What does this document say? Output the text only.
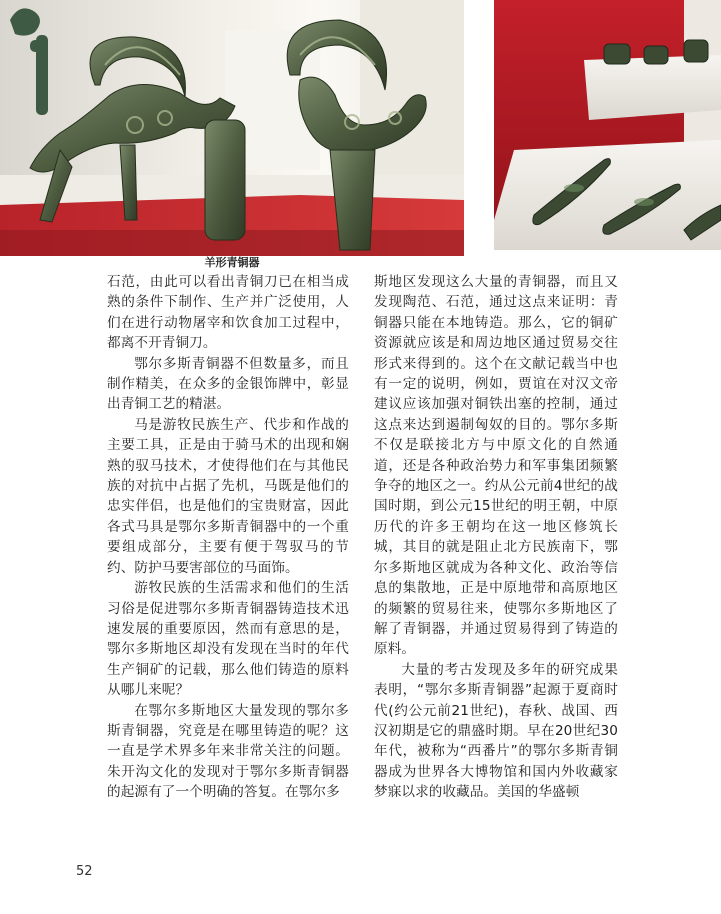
羊形青铜器

石范，由此可以看出青铜刀已在相当成熟的条件下制作、生产并广泛使用，人们在进行动物屠宰和饮食加工过程中，都离不开青铜刀。

鄂尔多斯青铜器不但数量多，而且制作精美，在众多的金银饰牌中，彰显出青铜工艺的精湛。

马是游牧民族生产、代步和作战的主要工具，正是由于骑马术的出现和娴熟的驭马技术，才使得他们在与其他民族的对抗中占据了先机，马既是他们的忠实伴侣，也是他们的宝贵财富，因此各式马具是鄂尔多斯青铜器中的一个重要组成部分，主要有便于驾驭马的节约、防护马要害部位的马面饰。

游牧民族的生活需求和他们的生活习俗是促进鄂尔多斯青铜器铸造技术迅速发展的重要原因，然而有意思的是，鄂尔多斯地区却没有发现在当时的年代生产铜矿的记载，那么他们铸造的原料从哪儿来呢？

在鄂尔多斯地区大量发现的鄂尔多斯青铜器，究竟是在哪里铸造的呢？这一直是学术界多年来非常关注的问题。朱开沟文化的发现对于鄂尔多斯青铜器的起源有了一个明确的答复。在鄂尔多

斯地区发现这么大量的青铜器，而且又发现陶范、石范，通过这点来证明：青铜器只能在本地铸造。那么，它的铜矿资源就应该是和周边地区通过贸易交往形式来得到的。这个在文献记载当中也有一定的说明，例如，贾谊在对汉文帝建议应该加强对铜铁出塞的控制，通过这点来达到遏制匈奴的目的。鄂尔多斯不仅是联接北方与中原文化的自然通道，还是各种政治势力和军事集团频繁争夺的地区之一。约从公元前4世纪的战国时期，到公元15世纪的明王朝，中原历代的许多王朝均在这一地区修筑长城，其目的就是阻止北方民族南下，鄂尔多斯地区就成为各种文化、政治等信息的集散地，正是中原地带和高原地区的频繁的贸易往来，使鄂尔多斯地区了解了青铜器，并通过贸易得到了铸造的原料。

大量的考古发现及多年的研究成果表明，“鄂尔多斯青铜器”起源于夏商时代(约公元前21世纪)，春秋、战国、西汉初期是它的鼎盛时期。早在20世纪30年代，被称为“西番片”的鄂尔多斯青铜器成为世界各大博物馆和国内外收藏家梦寐以求的收藏品。美国的华盛顿

52
